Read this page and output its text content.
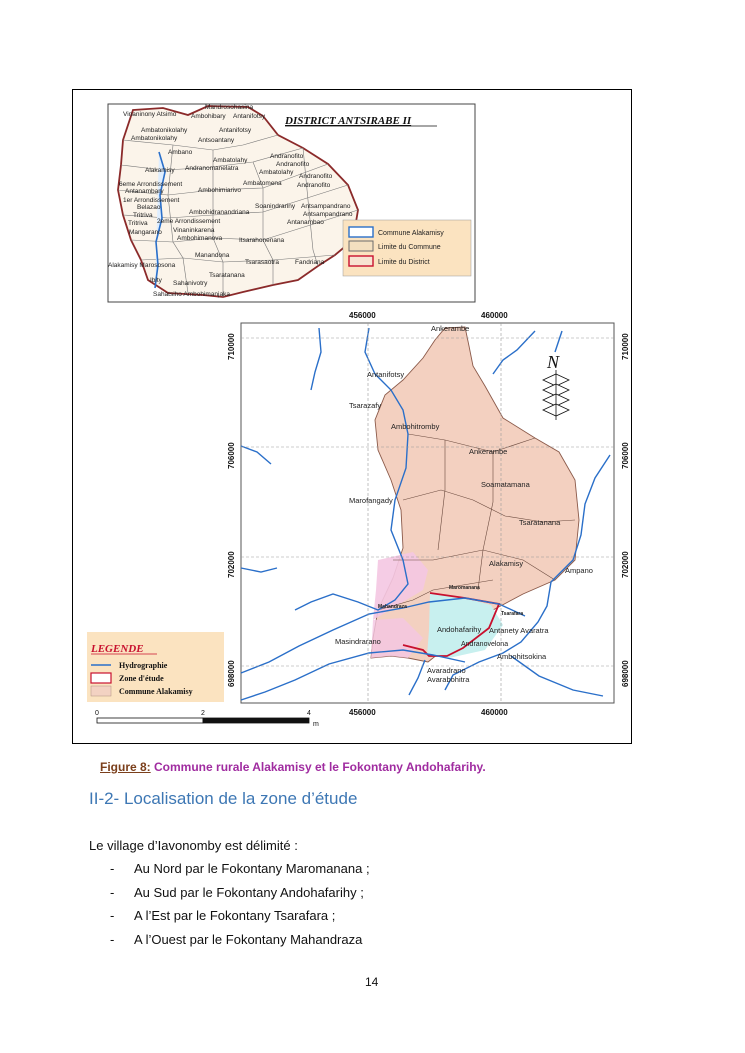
Vinaninony Atsimo
Mandrosohasina
Ambohibary Antanifotsy
Ambatonikolahy	Antanifotsy
Ambatonikolahy	Antsoantany
Ambano
Ambatolahy
Andranofito
Alakamisy Andranomanelatra
Andranofito
Ambatolahy
Andranofito
6eme Arrondissement
Antanambary	Ambohimiarivo
Ambatomena Andranofito
1er Arrondissement
Belazao	Soanindrariny Antsampandrano
Tritriva	Ambohidranandriana	Antsampandrano
Tritriva 2eme Arrondissement	Antanambao
Mangarano Vinaninkarena
Ambohimanova	Itsarahonenana
Manandona
Tsarasaotra Fandriana
Alakamisy Marososona
Tsaratanana
Ibity Sahanivotry
Sahatsiho Ambohimanjaka
DISTRICT ANTSIRABE II
Commune Alakamisy
Limite du Commune
Limite du District
456000	460000
456000	460000
710000
706000
702000
698000
710000
706000
702000
698000
Ankerambe
Antanifotsy
Tsarazafy
Ambohitromby
Ankerambe
Soamatamana
Marofangady
Tsaratanana
Alakamisy
Ampano
Maromanana
Mahandraza
Tsarafara
Andohafarihy Antanety Avaratra
Masindrarano	Andranovelona
Ambohitsokina
Avaradrano
Avarabohitra
N
LEGENDE
Hydrographie
Zone d'étude
Commune Alakamisy
0	2	4
m
Figure 8: Commune rurale Alakamisy et le Fokontany Andohafarihy.
II-2- Localisation de la zone d’étude
Le village d’Iavonomby est délimité :
- Au Nord par le Fokontany Maromanana ;
- Au Sud par le Fokontany Andohafarihy ;
- A l’Est par le Fokontany Tsarafara ;
- A l’Ouest par le Fokontany Mahandraza
14
